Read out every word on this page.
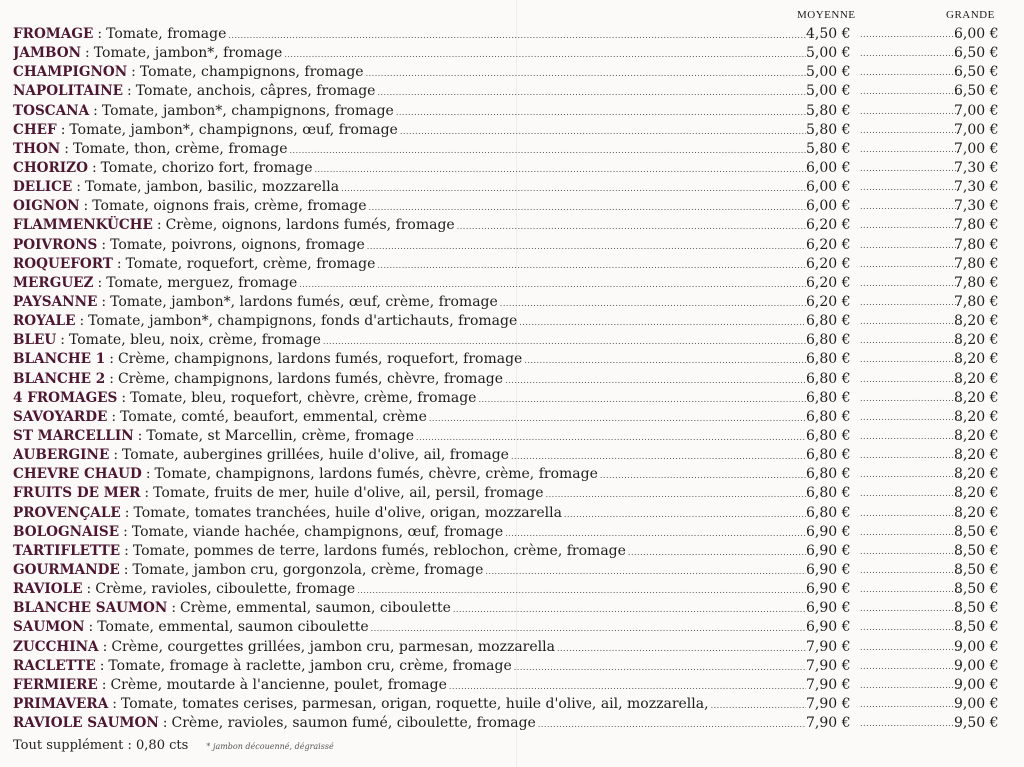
MOYENNE	GRANDE
FROMAGE : Tomate, fromage .....	4,50 € .....	6,00 €
JAMBON : Tomate, jambon*, fromage .....	5,00 € .....	6,50 €
CHAMPIGNON : Tomate, champignons, fromage .....	5,00 € .....	6,50 €
NAPOLITAINE : Tomate, anchois, câpres, fromage .....	5,00 € .....	6,50 €
TOSCANA : Tomate, jambon*, champignons, fromage .....	5,80 € .....	7,00 €
CHEF : Tomate, jambon*, champignons, œuf, fromage .....	5,80 € .....	7,00 €
THON : Tomate, thon, crème, fromage .....	5,80 € .....	7,00 €
CHORIZO : Tomate, chorizo fort, fromage .....	6,00 € .....	7,30 €
DELICE : Tomate, jambon, basilic, mozzarella .....	6,00 € .....	7,30 €
OIGNON : Tomate, oignons frais, crème, fromage .....	6,00 € .....	7,30 €
FLAMMENKÜCHE : Crème, oignons, lardons fumés, fromage .....	6,20 € .....	7,80 €
POIVRONS : Tomate, poivrons, oignons, fromage .....	6,20 € .....	7,80 €
ROQUEFORT : Tomate, roquefort, crème, fromage .....	6,20 € .....	7,80 €
MERGUEZ : Tomate, merguez, fromage .....	6,20 € .....	7,80 €
PAYSANNE : Tomate, jambon*, lardons fumés, œuf, crème, fromage .....	6,20 € .....	7,80 €
ROYALE : Tomate, jambon*, champignons, fonds d'artichauts, fromage .....	6,80 € .....	8,20 €
BLEU : Tomate, bleu, noix, crème, fromage .....	6,80 € .....	8,20 €
BLANCHE 1 : Crème, champignons, lardons fumés, roquefort, fromage .....	6,80 € .....	8,20 €
BLANCHE 2 : Crème, champignons, lardons fumés, chèvre, fromage .....	6,80 € .....	8,20 €
4 FROMAGES : Tomate, bleu, roquefort, chèvre, crème, fromage .....	6,80 € .....	8,20 €
SAVOYARDE : Tomate, comté, beaufort, emmental, crème .....	6,80 € .....	8,20 €
ST MARCELLIN : Tomate, st Marcellin, crème, fromage .....	6,80 € .....	8,20 €
AUBERGINE : Tomate, aubergines grillées, huile d'olive, ail, fromage .....	6,80 € .....	8,20 €
CHEVRE CHAUD : Tomate, champignons, lardons fumés, chèvre, crème, fromage .....	6,80 € .....	8,20 €
FRUITS DE MER : Tomate, fruits de mer, huile d'olive, ail, persil, fromage .....	6,80 € .....	8,20 €
PROVENÇALE : Tomate, tomates tranchées, huile d'olive, origan, mozzarella .....	6,80 € .....	8,20 €
BOLOGNAISE : Tomate, viande hachée, champignons, œuf, fromage .....	6,90 € .....	8,50 €
TARTIFLETTE : Tomate, pommes de terre, lardons fumés, reblochon, crème, fromage .....	6,90 € .....	8,50 €
GOURMANDE : Tomate, jambon cru, gorgonzola, crème, fromage .....	6,90 € .....	8,50 €
RAVIOLE : Crème, ravioles, ciboulette, fromage .....	6,90 € .....	8,50 €
BLANCHE SAUMON : Crème, emmental, saumon, ciboulette .....	6,90 € .....	8,50 €
SAUMON : Tomate, emmental, saumon ciboulette .....	6,90 € .....	8,50 €
ZUCCHINA : Crème, courgettes grillées, jambon cru, parmesan, mozzarella .....	7,90 € .....	9,00 €
RACLETTE : Tomate, fromage à raclette, jambon cru, crème, fromage .....	7,90 € .....	9,00 €
FERMIERE : Crème, moutarde à l'ancienne, poulet, fromage .....	7,90 € .....	9,00 €
PRIMAVERA : Tomate, tomates cerises, parmesan, origan, roquette, huile d'olive, ail, mozzarella, .....	7,90 € .....	9,00 €
RAVIOLE SAUMON : Crème, ravioles, saumon fumé, ciboulette, fromage .....	7,90 € .....	9,50 €
Tout supplément : 0,80 cts * jambon découenné, dégraissé
